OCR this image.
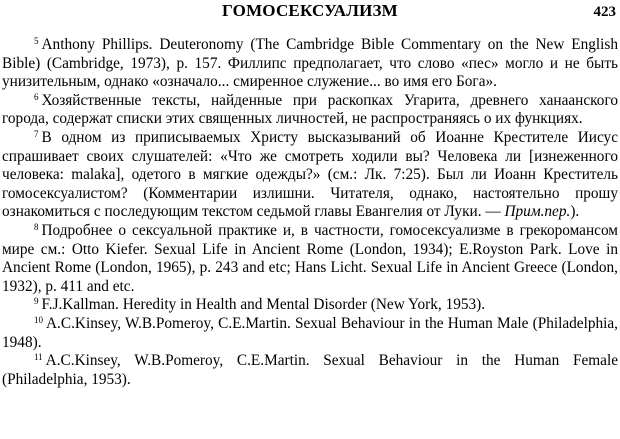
ГОМОСЕКСУАЛИЗМ	423

$^5$ Anthony Phillips. Deuteronomy (The Cambridge Bible Commentary on the New English Bible) (Cambridge, 1973), p. 157. Филлипс предполагает, что слово «пес» могло и не быть унизительным, однако «означало... смиренное служение... во имя его Бога».

$^6$ Хозяйственные тексты, найденные при раскопках Угарита, древнего ханаанского города, содержат списки этих священных личностей, не распространяясь о их функциях.

$^7$ В одном из приписываемых Христу высказываний об Иоанне Крестителе Иисус спрашивает своих слушателей: «Что же смотреть ходили вы? Человека ли [изнеженного человека: malaka], одетого в мягкие одежды?» (см.: Лк. 7:25). Был ли Иоанн Креститель гомосексуалистом? (Комментарии излишни. Читателя, однако, настоятельно прошу ознакомиться с последующим текстом седьмой главы Евангелия от Луки. — Прим.пер.).

$^8$ Подробнее о сексуальной практике и, в частности, гомосексуализме в грекоромансом мире см.: Otto Kiefer. Sexual Life in Ancient Rome (London, 1934); E.Royston Park. Love in Ancient Rome (London, 1965), p. 243 and etc; Hans Licht. Sexual Life in Ancient Greece (London, 1932), p. 411 and etc.

$^9$ F.J.Kallman. Heredity in Health and Mental Disorder (New York, 1953).

$^{10}$ A.C.Kinsey, W.B.Pomeroy, C.E.Martin. Sexual Behaviour in the Human Male (Philadelphia, 1948).

$^{11}$ A.C.Kinsey, W.B.Pomeroy, C.E.Martin. Sexual Behaviour in the Human Female (Philadelphia, 1953).
